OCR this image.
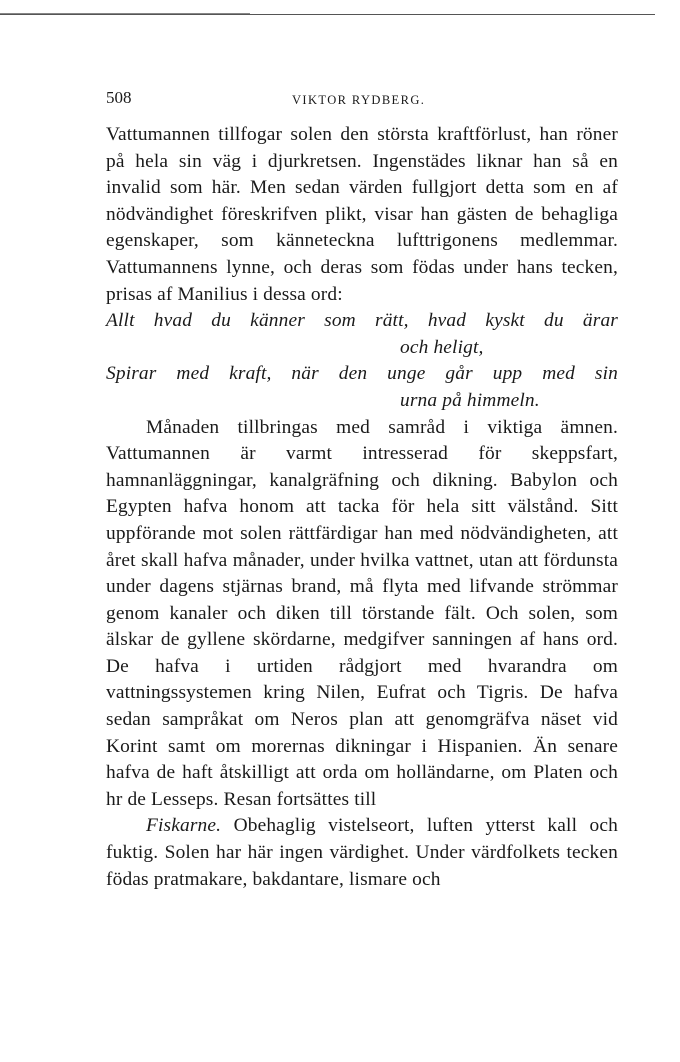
508	VIKTOR RYDBERG.

Vattumannen tillfogar solen den största kraftförlust, han röner på hela sin väg i djurkretsen. Ingenstädes liknar han så en invalid som här. Men sedan värden fullgjort detta som en af nödvändighet föreskrifven plikt, visar han gästen de behagliga egenskaper, som känneteckna lufttrigonens medlemmar. Vattumannens lynne, och deras som födas under hans tecken, prisas af Manilius i dessa ord:

Allt hvad du känner som rätt, hvad kyskt du ärar
och heligt,
Spirar med kraft, när den unge går upp med sin
urna på himmeln.

Månaden tillbringas med samråd i viktiga ämnen. Vattumannen är varmt intresserad för skeppsfart, hamnanläggningar, kanalgräfning och dikning. Babylon och Egypten hafva honom att tacka för hela sitt välstånd. Sitt uppförande mot solen rättfärdigar han med nödvändigheten, att året skall hafva månader, under hvilka vattnet, utan att fördunsta under dagens stjärnas brand, må flyta med lifvande strömmar genom kanaler och diken till törstande fält. Och solen, som älskar de gyllene skördarne, medgifver sanningen af hans ord. De hafva i urtiden rådgjort med hvarandra om vattningssystemen kring Nilen, Eufrat och Tigris. De hafva sedan sampråkat om Neros plan att genomgräfva näset vid Korint samt om morernas dikningar i Hispanien. Än senare hafva de haft åtskilligt att orda om holländarne, om Platen och hr de Lesseps. Resan fortsättes till

Fiskarne. Obehaglig vistelseort, luften ytterst kall och fuktig. Solen har här ingen värdighet. Under värdfolkets tecken födas pratmakare, bakdantare, lismare och
